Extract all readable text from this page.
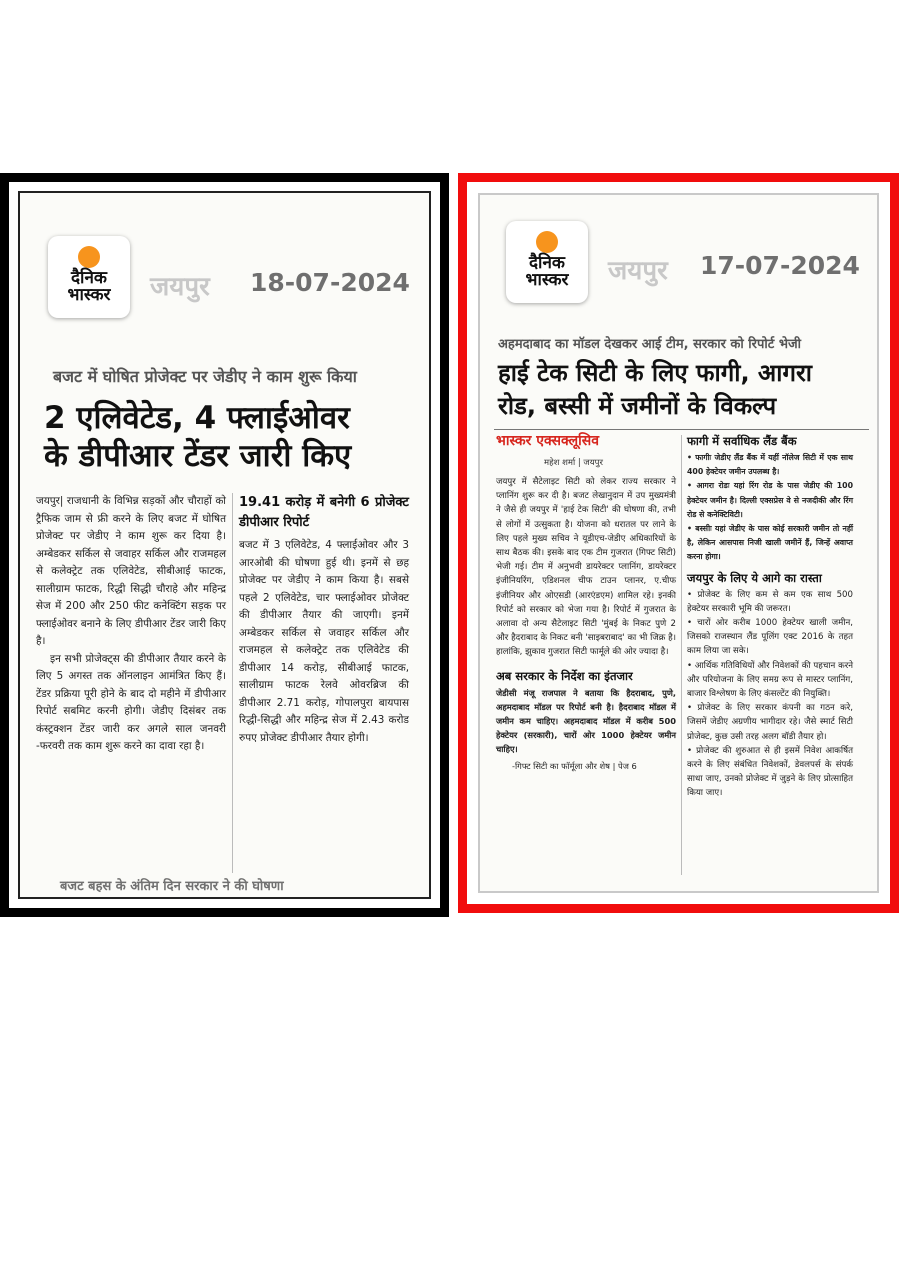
दैनिक
भास्कर	जयपुर 18-07-2024
बजट में घोषित प्रोजेक्ट पर जेडीए ने काम शुरू किया
2 एलिवेटेड, 4 फ्लाईओवर
के डीपीआर टेंडर जारी किए

जयपुर| राजधानी के विभिन्न सड़कों और चौराहों को ट्रैफिक जाम से फ्री करने के लिए बजट में घोषित प्रोजेक्ट पर जेडीए ने काम शुरू कर दिया है। अम्बेडकर सर्किल से जवाहर सर्किल और राजमहल से कलेक्ट्रेट तक एलिवेटेड, सीबीआई फाटक, सालीग्राम फाटक, रिद्धी सिद्धी चौराहे और महिन्द्र सेज में 200 और 250 फीट कनेक्टिंग सड़क पर फ्लाईओवर बनाने के लिए डीपीआर टेंडर जारी किए है।

इन सभी प्रोजेक्ट्स की डीपीआर तैयार करने के लिए 5 अगस्त तक ऑनलाइन आमंत्रित किए हैं। टेंडर प्रक्रिया पूरी होने के बाद दो महीने में डीपीआर रिपोर्ट सबमिट करनी होगी। जेडीए दिसंबर तक कंस्ट्रक्शन टेंडर जारी कर अगले साल जनवरी -फरवरी तक काम शुरू करने का दावा रहा है।

19.41 करोड़ में बनेगी 6 प्रोजेक्ट डीपीआर रिपोर्ट

बजट में 3 एलिवेटेड, 4 फ्लाईओवर और 3 आरओबी की घोषणा हुई थी। इनमें से छह प्रोजेक्ट पर जेडीए ने काम किया है। सबसे पहले 2 एलिवेटेड, चार फ्लाईओवर प्रोजेक्ट की डीपीआर तैयार की जाएगी। इनमें अम्बेडकर सर्किल से जवाहर सर्किल और राजमहल से कलेक्ट्रेट तक एलिवेटेड की डीपीआर 14 करोड़, सीबीआई फाटक, सालीग्राम फाटक रेलवे ओवरब्रिज की डीपीआर 2.71 करोड़, गोपालपुरा बायपास रिद्धी-सिद्धी और महिन्द्र सेज में 2.43 करोड रुपए प्रोजेक्ट डीपीआर तैयार होगी।

बजट बहस के अंतिम दिन सरकार ने की घोषणा
दैनिक
भास्कर	जयपुर 17-07-2024
अहमदाबाद का मॉडल देखकर आई टीम, सरकार को रिपोर्ट भेजी
हाई टेक सिटी के लिए फागी, आगरा
रोड, बस्सी में जमीनों के विकल्प
भास्कर एक्सक्लूसिव
महेश शर्मा | जयपुर

जयपुर में सैटेलाइट सिटी को लेकर राज्य सरकार ने प्लानिंग शुरू कर दी है। बजट लेखानुदान में उप मुख्यमंत्री ने जैसे ही जयपुर में 'हाई टेक सिटी' की घोषणा की, तभी से लोगों में उत्सुकता है। योजना को धरातल पर लाने के लिए पहले मुख्य सचिव ने यूडीएच-जेडीए अधिकारियों के साथ बैठक की। इसके बाद एक टीम गुजरात (गिफ्ट सिटी) भेजी गई। टीम में अनुभवी डायरेक्टर प्लानिंग, डायरेक्टर इंजीनियरिंग, एडिशनल चीफ टाउन प्लानर, ए.चीफ इंजीनियर और ओएसडी (आरएंडएम) शामिल रहे। इनकी रिपोर्ट को सरकार को भेजा गया है। रिपोर्ट में गुजरात के अलावा दो अन्य सैटेलाइट सिटी 'मुंबई के निकट पुणे 2 और हैदराबाद के निकट बनी 'साइबराबाद' का भी जिक्र है। हालांकि, झुकाव गुजरात सिटी फार्मूले की ओर ज्यादा है।

अब सरकार के निर्देश का इंतजार

जेडीसी मंजू राजपाल ने बताया कि हैदराबाद, पुणे, अहमदाबाद मॉडल पर रिपोर्ट बनी है। हैदराबाद मॉडल में जमीन कम चाहिए। अहमदाबाद मॉडल में करीब 500 हेक्टेयर (सरकारी), चारों ओर 1000 हेक्टेयर जमीन चाहिए।

-गिफ्ट सिटी का फॉर्मूला और शेष | पेज 6

फागी में सर्वाधिक लैंड बैंक

• फागीः जेडीए लैंड बैंक में यहीं नॉलेज सिटी में एक साथ 400 हेक्टेयर जमीन उपलब्ध है।

• आगरा रोडः यहां रिंग रोड के पास जेडीए की 100 हेक्टेयर जमीन है। दिल्ली एक्सप्रेस वे से नजदीकी और रिंग रोड से कनेक्टिविटी।

• बस्सीः यहां जेडीए के पास कोई सरकारी जमीन तो नहीं है, लेकिन आसपास निजी खाली जमीनें हैं, जिन्हें अवाप्त करना होगा।

जयपुर के लिए ये आगे का रास्ता

• प्रोजेक्ट के लिए कम से कम एक साथ 500 हेक्टेयर सरकारी भूमि की जरूरत।

• चारों ओर करीब 1000 हेक्टेयर खाली जमीन, जिसको राजस्थान लैंड पूलिंग एक्ट 2016 के तहत काम लिया जा सके।

• आर्थिक गतिविधियों और निवेशकों की पहचान करने और परियोजना के लिए समग्र रूप से मास्टर प्लानिंग, बाजार विश्लेषण के लिए कंसल्टेंट की नियुक्ति।

• प्रोजेक्ट के लिए सरकार कंपनी का गठन करे, जिसमें जेडीए अग्रणीय भागीदार रहे। जैसे स्मार्ट सिटी प्रोजेक्ट, कुछ उसी तरह अलग बॉडी तैयार हो।

• प्रोजेक्ट की शुरुआत से ही इसमें निवेश आकर्षित करने के लिए संबंधित निवेशकों, डेवलपर्स के संपर्क साधा जाए, उनको प्रोजेक्ट में जुड़ने के लिए प्रोत्साहित किया जाए।
